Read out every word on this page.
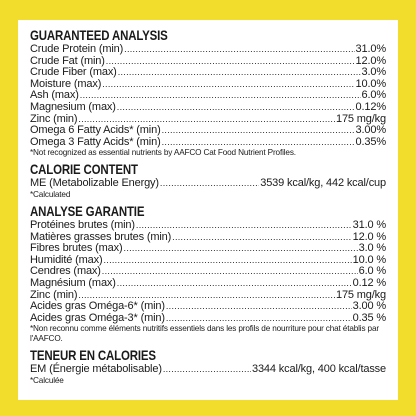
GUARANTEED ANALYSIS
Crude Protein (min) .....	31.0%
Crude Fat (min) .....	12.0%
Crude Fiber (max) .....	3.0%
Moisture (max) .....	10.0%
Ash (max) .....	6.0%
Magnesium (max) .....	0.12%
Zinc (min) .....	175 mg/kg
Omega 6 Fatty Acids* (min) .....	3.00%
Omega 3 Fatty Acids* (min) .....	0.35%
*Not recognized as essential nutrients by AAFCO Cat Food Nutrient Profiles.
CALORIE CONTENT
ME (Metabolizable Energy) .....	3539 kcal/kg, 442 kcal/cup
*Calculated
ANALYSE GARANTIE
Protéines brutes (min) .....	31.0 %
Matières grasses brutes (min) .....	12.0 %
Fibres brutes (max) .....	3.0 %
Humidité (max) .....	10.0 %
Cendres (max) .....	6.0 %
Magnésium (max) .....	0.12 %
Zinc (min) .....	175 mg/kg
Acides gras Oméga-6* (min) .....	3.00 %
Acides gras Oméga-3* (min) .....	0.35 %
*Non reconnu comme éléments nutritifs essentiels dans les profils de nourriture pour chat établis par l'AAFCO.
TENEUR EN CALORIES
EM (Énergie métabolisable) .....	3344 kcal/kg, 400 kcal/tasse
*Calculée
